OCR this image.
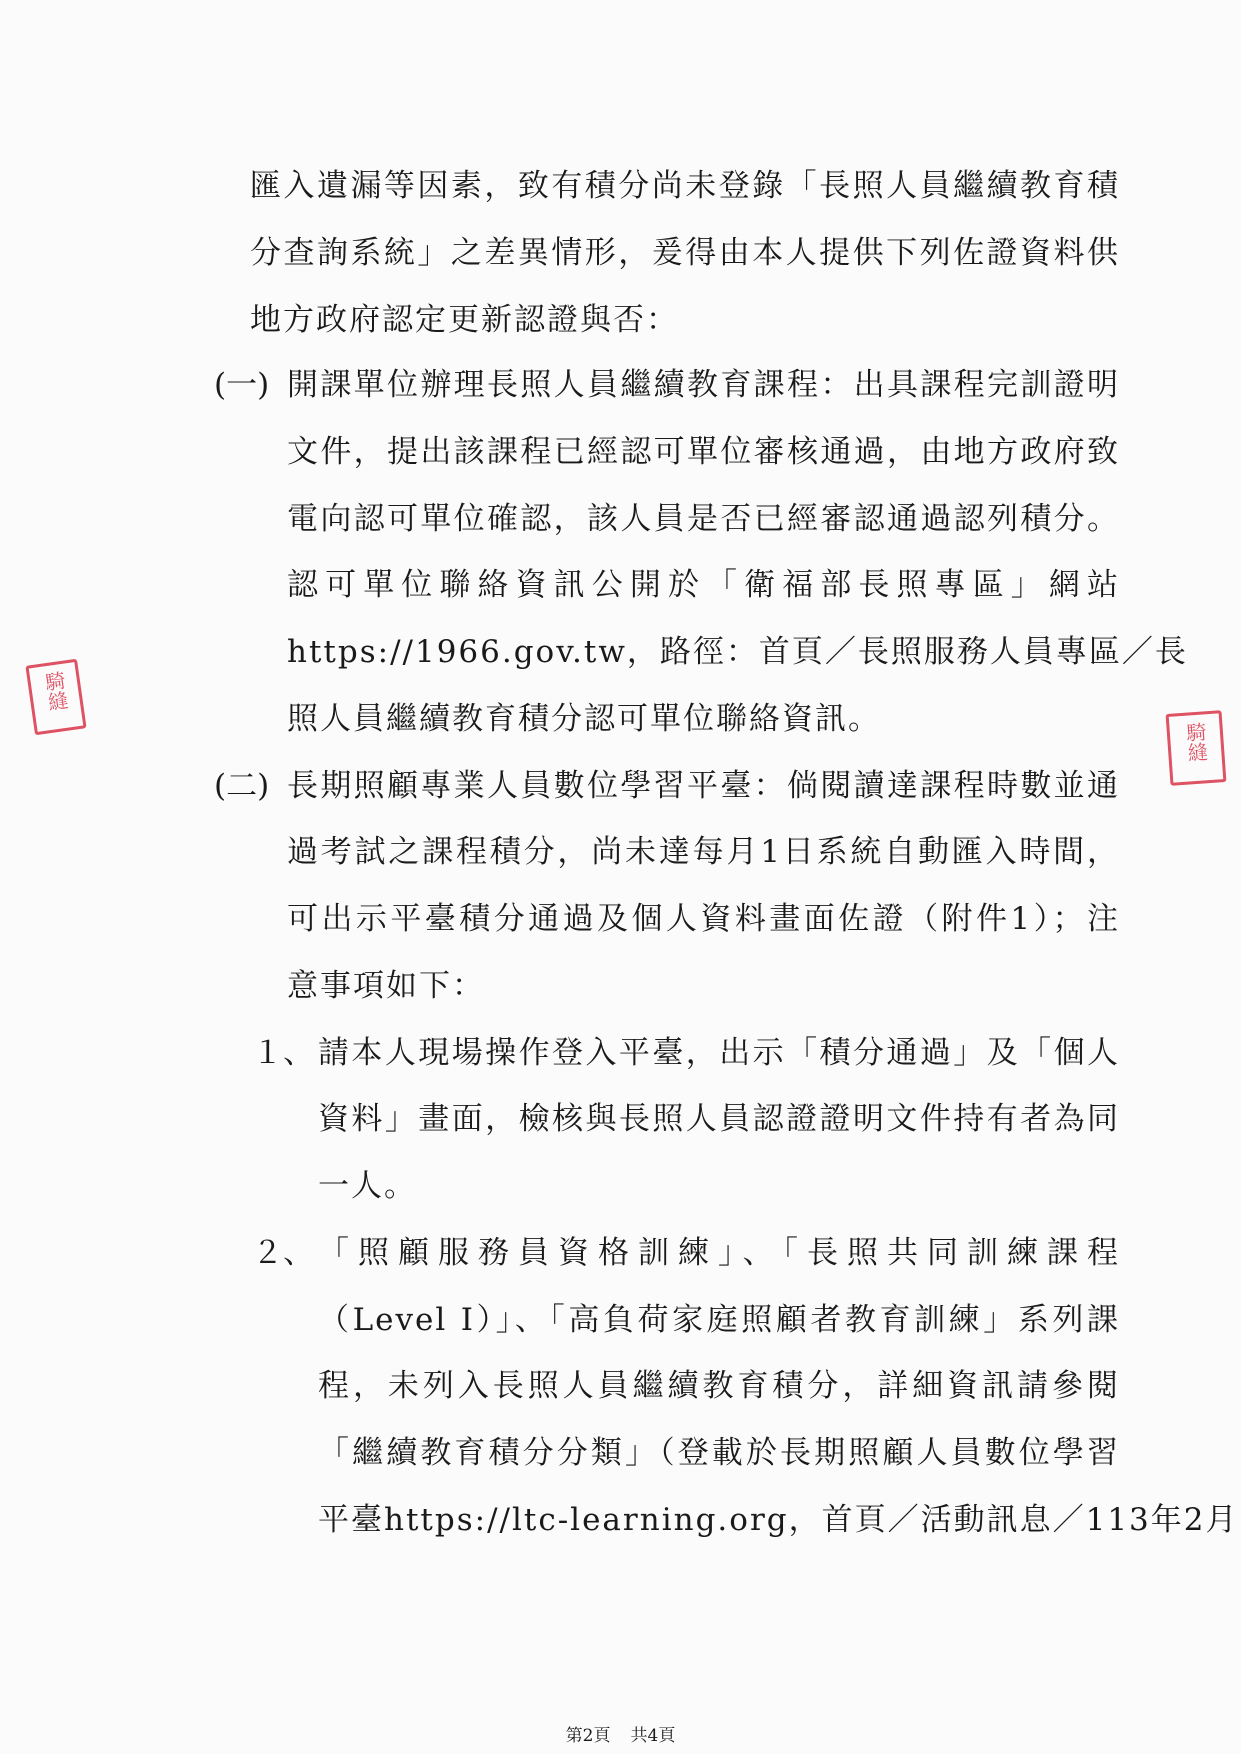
匯入遺漏等因素，致有積分尚未登錄「長照人員繼續教育積
分查詢系統」之差異情形，爰得由本人提供下列佐證資料供
地方政府認定更新認證與否：
(一) 開課單位辦理長照人員繼續教育課程：出具課程完訓證明
文件，提出該課程已經認可單位審核通過，由地方政府致
電向認可單位確認，該人員是否已經審認通過認列積分。
認可單位聯絡資訊公開於「衛福部長照專區」網站
https://1966.gov.tw，路徑：首頁／長照服務人員專區／長
照人員繼續教育積分認可單位聯絡資訊。
(二) 長期照顧專業人員數位學習平臺：倘閱讀達課程時數並通
過考試之課程積分，尚未達每月1日系統自動匯入時間，
可出示平臺積分通過及個人資料畫面佐證（附件1）；注
意事項如下：
１、 請本人現場操作登入平臺，出示「積分通過」及「個人
資料」畫面，檢核與長照人員認證證明文件持有者為同
一人。
２、 「照顧服務員資格訓練」、「長照共同訓練課程
（Level I）」、「高負荷家庭照顧者教育訓練」系列課
程，未列入長照人員繼續教育積分，詳細資訊請參閱
「繼續教育積分分類」（登載於長期照顧人員數位學習
平臺https://ltc-learning.org，首頁／活動訊息／113年2月
騎縫
騎縫
第2頁 共4頁
